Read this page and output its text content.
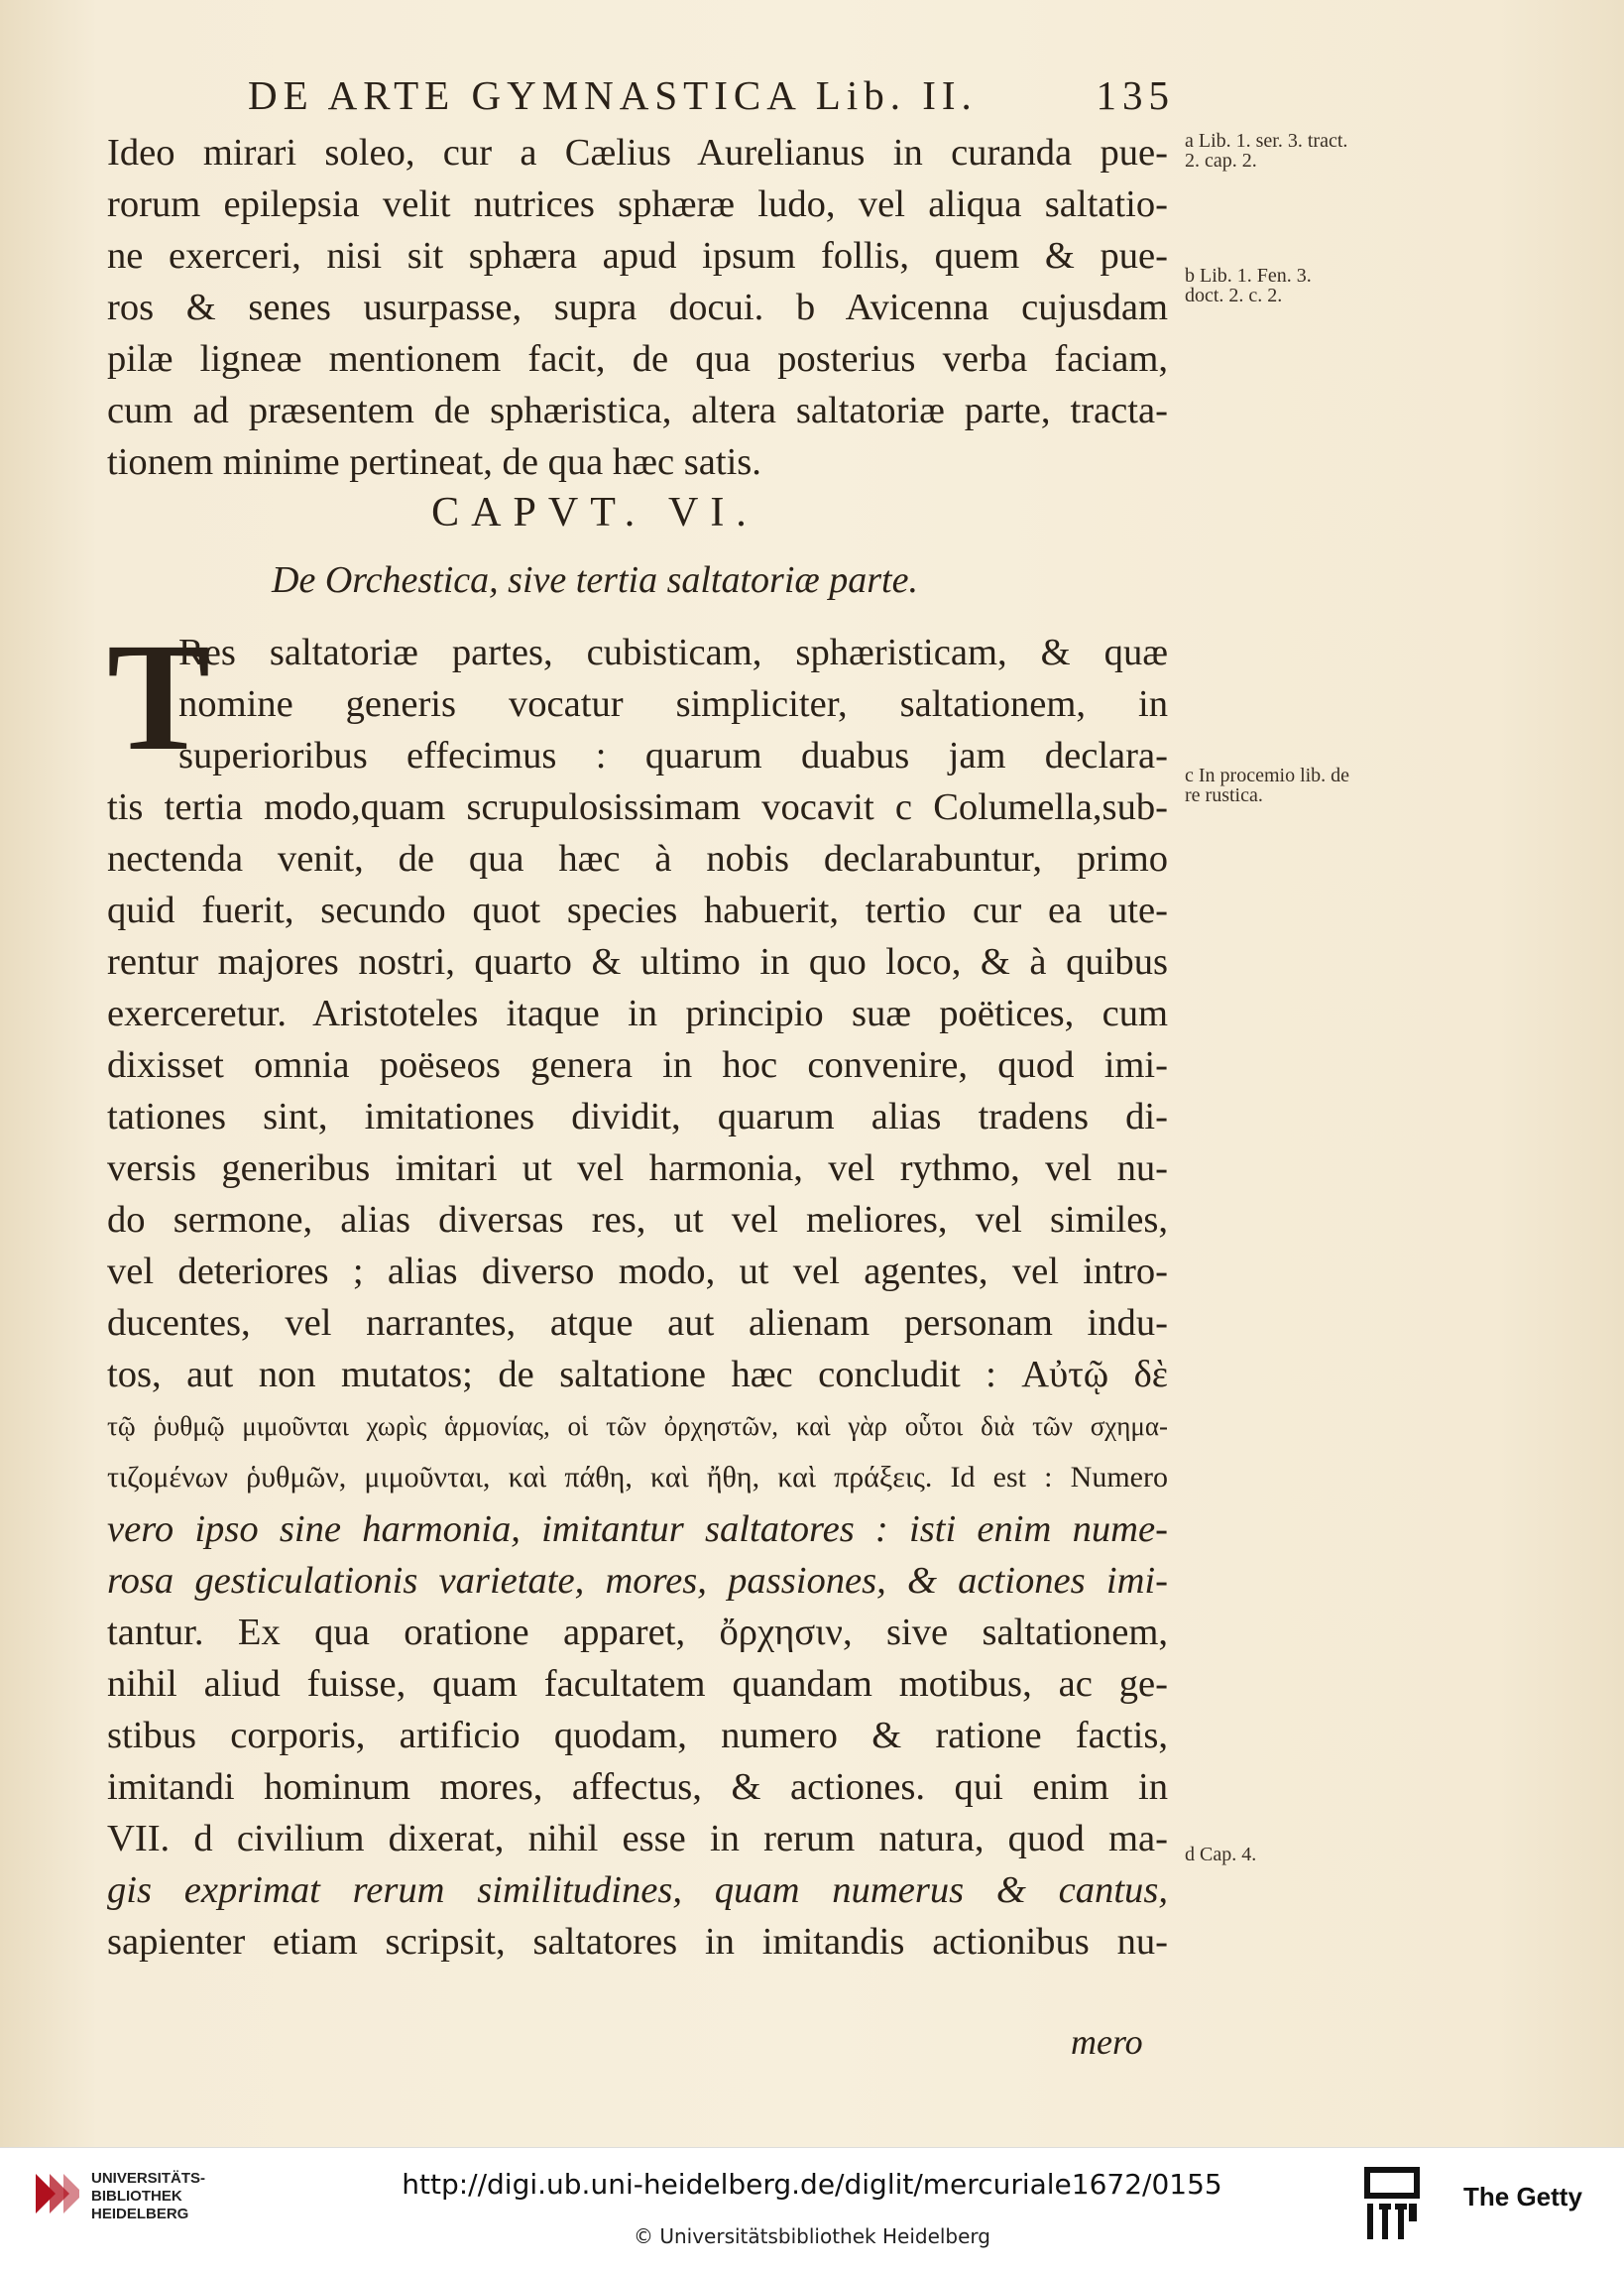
DE ARTE GYMNASTICA Lib. II.	135
Ideo mirari soleo, cur a Cælius Aurelianus in curanda pue-
rorum epilepsia velit nutrices sphæræ ludo, vel aliqua saltatio-
ne exerceri, nisi sit sphæra apud ipsum follis, quem & pue-
ros & senes usurpasse, supra docui. b Avicenna cujusdam
pilæ ligneæ mentionem facit, de qua posterius verba faciam,
cum ad præsentem de sphæristica, altera saltatoriæ parte, tracta-
tionem minime pertineat, de qua hæc satis.
CAPVT. VI.
De Orchestica, sive tertia saltatoriæ parte.
T
Res saltatoriæ partes, cubisticam, sphæristicam, & quæ
nomine generis vocatur simpliciter, saltationem, in
superioribus effecimus : quarum duabus jam declara-
tis tertia modo,quam scrupulosissimam vocavit c Columella,sub-
nectenda venit, de qua hæc à nobis declarabuntur, primo
quid fuerit, secundo quot species habuerit, tertio cur ea ute-
rentur majores nostri, quarto & ultimo in quo loco, & à quibus
exerceretur. Aristoteles itaque in principio suæ poëtices, cum
dixisset omnia poëseos genera in hoc convenire, quod imi-
tationes sint, imitationes dividit, quarum alias tradens di-
versis generibus imitari ut vel harmonia, vel rythmo, vel nu-
do sermone, alias diversas res, ut vel meliores, vel similes,
vel deteriores ; alias diverso modo, ut vel agentes, vel intro-
ducentes, vel narrantes, atque aut alienam personam indu-
tos, aut non mutatos; de saltatione hæc concludit : Αὐτῷ δὲ
τῷ ῥυθμῷ μιμοῦνται χωρὶς ἁρμονίας, οἱ τῶν ὀρχηστῶν, καὶ γὰρ οὗτοι διὰ τῶν σχημα-
τιζομένων ῥυθμῶν, μιμοῦνται, καὶ πάθη, καὶ ἤθη, καὶ πράξεις. Id est : Numero
vero ipso sine harmonia, imitantur saltatores : isti enim nume-
rosa gesticulationis varietate, mores, passiones, & actiones imi-
tantur. Ex qua oratione apparet, ὄρχησιν, sive saltationem,
nihil aliud fuisse, quam facultatem quandam motibus, ac ge-
stibus corporis, artificio quodam, numero & ratione factis,
imitandi hominum mores, affectus, & actiones. qui enim in
VII. d civilium dixerat, nihil esse in rerum natura, quod ma-
gis exprimat rerum similitudines, quam numerus & cantus,
sapienter etiam scripsit, saltatores in imitandis actionibus nu-
mero
a Lib. 1. ser. 3. tract. 2. cap. 2.
b Lib. 1. Fen. 3. doct. 2. c. 2.
c In procemio lib. de re rustica.
d Cap. 4.
UNIVERSITÄTS-
BIBLIOTHEK
HEIDELBERG
http://digi.ub.uni-heidelberg.de/diglit/mercuriale1672/0155
© Universitätsbibliothek Heidelberg
The Getty
